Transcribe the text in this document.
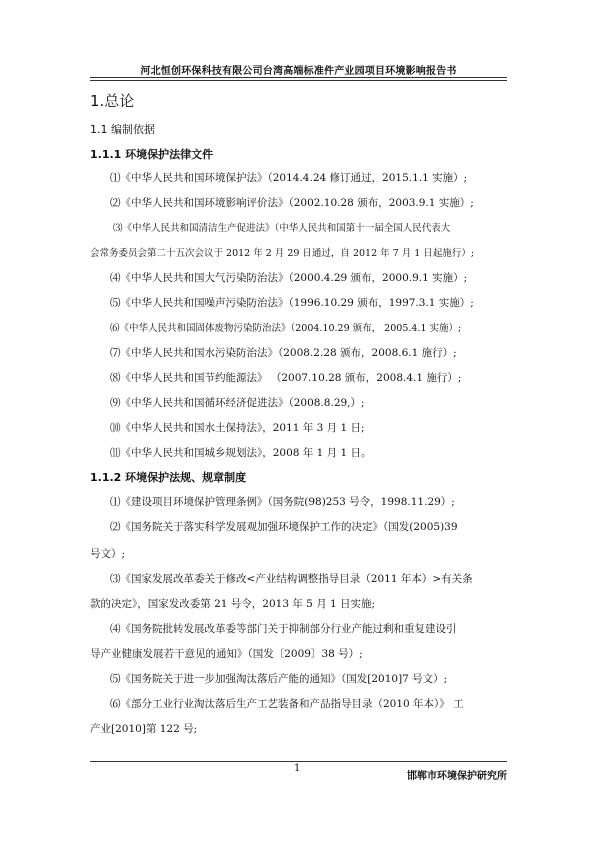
河北恒创环保科技有限公司台湾高端标准件产业园项目环境影响报告书
1.总论
1.1 编制依据
1.1.1 环境保护法律文件
⑴《中华人民共和国环境保护法》（2014.4.24 修订通过，2015.1.1 实施）;
⑵《中华人民共和国环境影响评价法》（2002.10.28 颁布，2003.9.1 实施）;
⑶《中华人民共和国清洁生产促进法》（中华人民共和国第十一届全国人民代表大
会常务委员会第二十五次会议于 2012 年 2 月 29 日通过，自 2012 年 7 月 1 日起施行）;
⑷《中华人民共和国大气污染防治法》（2000.4.29 颁布，2000.9.1 实施）;
⑸《中华人民共和国噪声污染防治法》（1996.10.29 颁布，1997.3.1 实施）;
⑹《中华人民共和国固体废物污染防治法》（2004.10.29 颁布， 2005.4.1 实施）;
⑺《中华人民共和国水污染防治法》（2008.2.28 颁布，2008.6.1 施行）;
⑻《中华人民共和国节约能源法》 （2007.10.28 颁布，2008.4.1 施行）;
⑼《中华人民共和国循环经济促进法》（2008.8.29,）;
⑽《中华人民共和国水土保持法》，2011 年 3 月 1 日;
⑾《中华人民共和国城乡规划法》，2008 年 1 月 1 日。
1.1.2 环境保护法规、规章制度
⑴《建设项目环境保护管理条例》（国务院(98)253 号令，1998.11.29）;
⑵《国务院关于落实科学发展观加强环境保护工作的决定》（国发(2005)39
号文）;
⑶《国家发展改革委关于修改<产业结构调整指导目录（2011 年本）>有关条
款的决定》，国家发改委第 21 号令，2013 年 5 月 1 日实施;
⑷《国务院批转发展改革委等部门关于抑制部分行业产能过剩和重复建设引
导产业健康发展若干意见的通知》（国发〔2009〕38 号）;
⑸《国务院关于进一步加强淘汰落后产能的通知》（国发[2010]7 号文）;
⑹《部分工业行业淘汰落后生产工艺装备和产品指导目录（2010 年本）》 工
产业[2010]第 122 号;
1
邯郸市环境保护研究所
